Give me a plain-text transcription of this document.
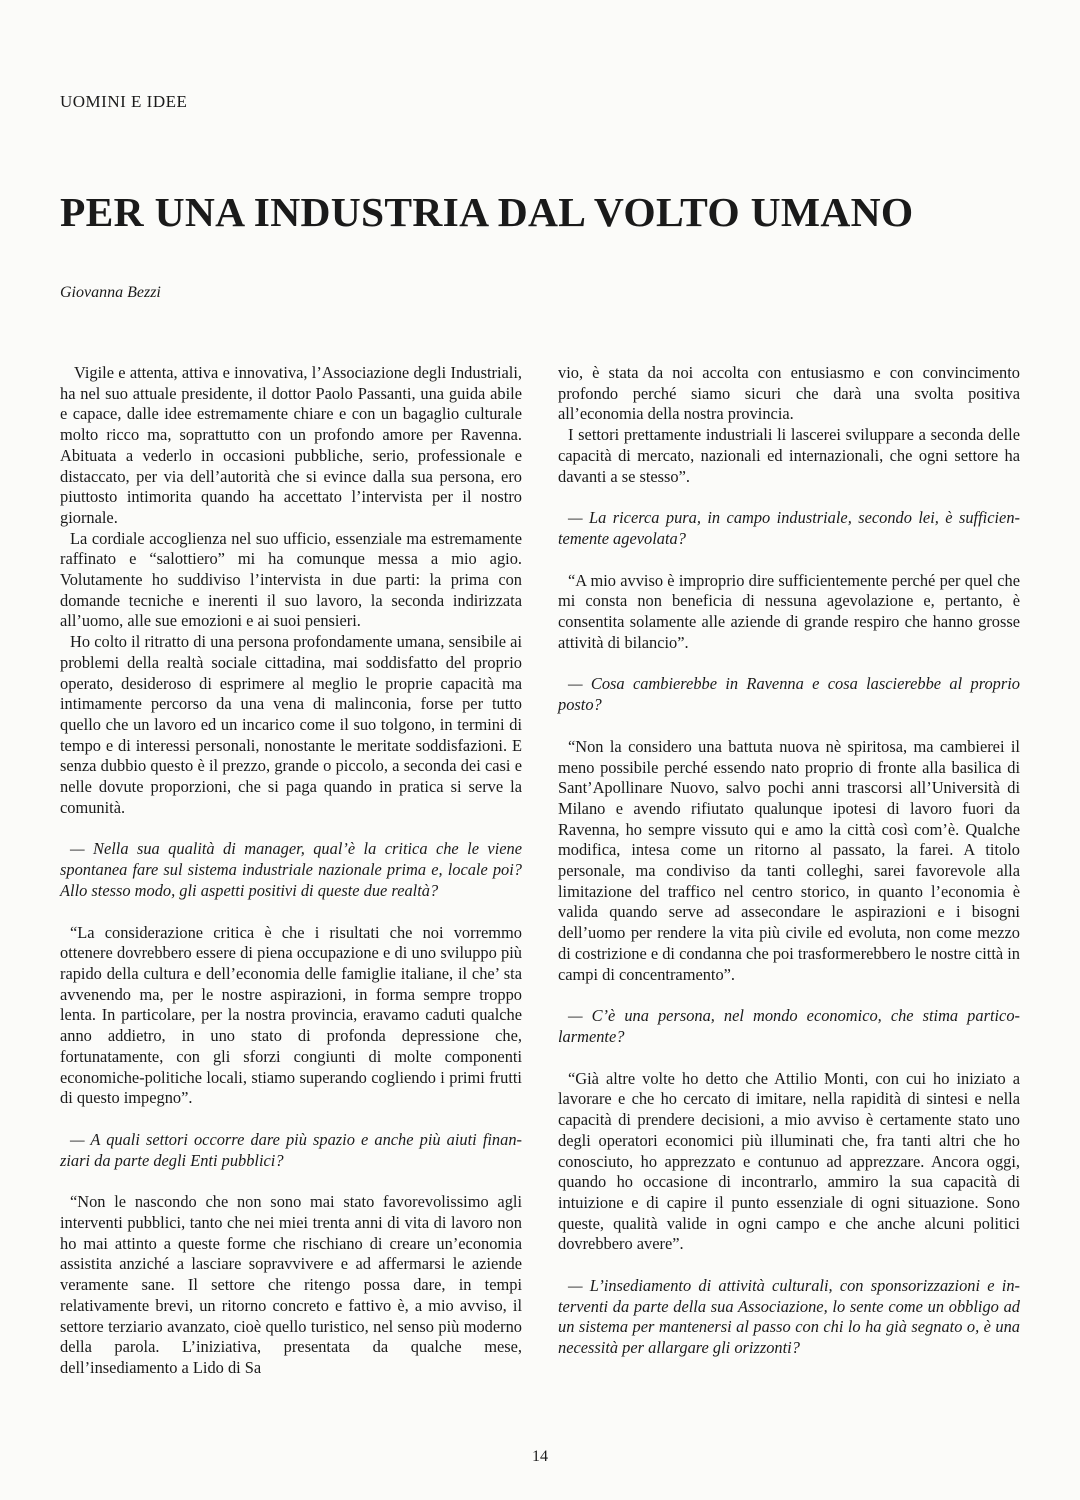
UOMINI E IDEE
PER UNA INDUSTRIA DAL VOLTO UMANO
Giovanna Bezzi

Vigile e attenta, attiva e innovativa, l’Associazione degli Industriali, ha nel suo attuale presidente, il dottor Paolo Passanti, una guida abile e capace, dalle idee estremamente chiare e con un bagaglio culturale molto ricco ma, soprattutto con un profondo amore per Ravenna. Abituata a vederlo in occasioni pubbliche, serio, professionale e distaccato, per via dell’autorità che si evince dalla sua persona, ero piuttosto intimorita quando ha accettato l’intervista per il nostro giornale.

La cordiale accoglienza nel suo ufficio, essenziale ma estremamente raffinato e “salottiero” mi ha comunque messa a mio agio. Volutamente ho suddiviso l’intervista in due parti: la prima con domande tecniche e inerenti il suo lavoro, la seconda indirizzata all’uomo, alle sue emozioni e ai suoi pensieri.

Ho colto il ritratto di una persona profondamente umana, sensibile ai problemi della realtà sociale cittadina, mai soddisfatto del proprio operato, desideroso di esprimere al meglio le proprie capacità ma intimamente percorso da una vena di malinconia, forse per tutto quello che un lavoro ed un incarico come il suo tolgono, in termini di tempo e di interessi personali, nonostante le meritate soddisfazioni. E senza dubbio questo è il prezzo, grande o piccolo, a seconda dei casi e nelle dovute proporzioni, che si paga quando in pratica si serve la comunità.

— Nella sua qualità di manager, qual’è la critica che le viene spontanea fare sul sistema industriale nazionale prima e, locale poi? Allo stesso modo, gli aspetti positivi di queste due realtà?

“La considerazione critica è che i risultati che noi vorremmo ottenere dovrebbero essere di piena occupazione e di uno sviluppo più rapido della cultura e dell’economia delle famiglie italiane, il che’ sta avvenendo ma, per le nostre aspirazioni, in forma sempre troppo lenta. In particolare, per la nostra provincia, eravamo caduti qualche anno addietro, in uno stato di profonda depressione che, fortunatamente, con gli sforzi congiunti di molte componenti economiche-politiche locali, stiamo superando cogliendo i primi frutti di questo impegno”.

— A quali settori occorre dare più spazio e anche più aiuti finanziari da parte degli Enti pubblici?

“Non le nascondo che non sono mai stato favorevolissimo agli interventi pubblici, tanto che nei miei trenta anni di vita di lavoro non ho mai attinto a queste forme che rischiano di creare un’economia assistita anziché a lasciare sopravvivere e ad affermarsi le aziende veramente sane. Il settore che ritengo possa dare, in tempi relativamente brevi, un ritorno concreto e fattivo è, a mio avviso, il settore terziario avanzato, cioè quello turistico, nel senso più moderno della parola. L’iniziativa, presentata da qualche mese, dell’insediamento a Lido di Sa

vio, è stata da noi accolta con entusiasmo e con convincimento profondo perché siamo sicuri che darà una svolta positiva all’economia della nostra provincia.

I settori prettamente industriali li lascerei sviluppare a seconda delle capacità di mercato, nazionali ed internazionali, che ogni settore ha davanti a se stesso”.

— La ricerca pura, in campo industriale, secondo lei, è sufficientemente agevolata?

“A mio avviso è improprio dire sufficientemente perché per quel che mi consta non beneficia di nessuna agevolazione e, pertanto, è consentita solamente alle aziende di grande respiro che hanno grosse attività di bilancio”.

— Cosa cambierebbe in Ravenna e cosa lascierebbe al proprio posto?

“Non la considero una battuta nuova nè spiritosa, ma cambierei il meno possibile perché essendo nato proprio di fronte alla basilica di Sant’Apollinare Nuovo, salvo pochi anni trascorsi all’Università di Milano e avendo rifiutato qualunque ipotesi di lavoro fuori da Ravenna, ho sempre vissuto qui e amo la città così com’è. Qualche modifica, intesa come un ritorno al passato, la farei. A titolo personale, ma condiviso da tanti colleghi, sarei favorevole alla limitazione del traffico nel centro storico, in quanto l’economia è valida quando serve ad assecondare le aspirazioni e i bisogni dell’uomo per rendere la vita più civile ed evoluta, non come mezzo di costrizione e di condanna che poi trasformerebbero le nostre città in campi di concentramento”.

— C’è una persona, nel mondo economico, che stima particolarmente?

“Già altre volte ho detto che Attilio Monti, con cui ho iniziato a lavorare e che ho cercato di imitare, nella rapidità di sintesi e nella capacità di prendere decisioni, a mio avviso è certamente stato uno degli operatori economici più illuminati che, fra tanti altri che ho conosciuto, ho apprezzato e contunuo ad apprezzare. Ancora oggi, quando ho occasione di incontrarlo, ammiro la sua capacità di intuizione e di capire il punto essenziale di ogni situazione. Sono queste, qualità valide in ogni campo e che anche alcuni politici dovrebbero avere”.

— L’insediamento di attività culturali, con sponsorizzazioni e interventi da parte della sua Associazione, lo sente come un obbligo ad un sistema per mantenersi al passo con chi lo ha già segnato o, è una necessità per allargare gli orizzonti?

14
